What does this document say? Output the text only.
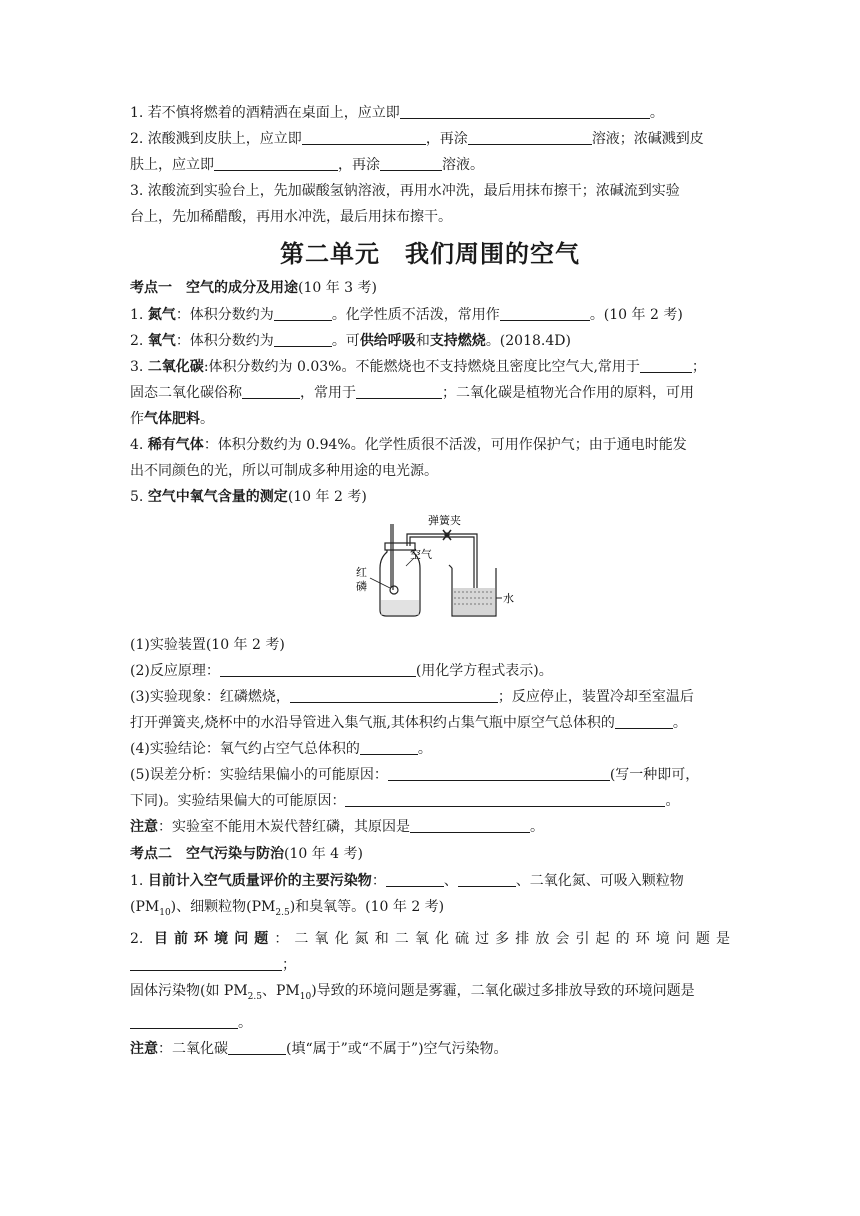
1. 若不慎将燃着的酒精洒在桌面上，应立即	。
2. 浓酸溅到皮肤上，应立即	，再涂	溶液；浓碱溅到皮
肤上，应立即	，再涂	溶液。
3. 浓酸流到实验台上，先加碳酸氢钠溶液，再用水冲洗，最后用抹布擦干；浓碱流到实验
台上，先加稀醋酸，再用水冲洗，最后用抹布擦干。
第二单元　我们周围的空气
考点一　空气的成分及用途(10 年 3 考)
1. 氮气：体积分数约为	。化学性质不活泼，常用作	。(10 年 2 考)
2. 氧气：体积分数约为	。可供给呼吸和支持燃烧。(2018.4D)
3. 二氧化碳:体积分数约为 0.03%。不能燃烧也不支持燃烧且密度比空气大,常用于	；
固态二氧化碳俗称	，常用于	；二氧化碳是植物光合作用的原料，可用
作气体肥料。
4. 稀有气体：体积分数约为 0.94%。化学性质很不活泼，可用作保护气；由于通电时能发
出不同颜色的光，所以可制成多种用途的电光源。
5. 空气中氧气含量的测定(10 年 2 考)
弹簧夹
空气
红
磷
水
(1)实验装置(10 年 2 考)
(2)反应原理：	(用化学方程式表示)。
(3)实验现象：红磷燃烧，	；反应停止，装置冷却至室温后
打开弹簧夹,烧杯中的水沿导管进入集气瓶,其体积约占集气瓶中原空气总体积的	。
(4)实验结论：氧气约占空气总体积的	。
(5)误差分析：实验结果偏小的可能原因：	(写一种即可，
下同)。实验结果偏大的可能原因：	。
注意：实验室不能用木炭代替红磷，其原因是	。
考点二　空气污染与防治(10 年 4 考)
1. 目前计入空气质量评价的主要污染物：	、	、二氧化氮、可吸入颗粒物
$(PM_{10})$、细颗粒物$(PM_{2.5})$和臭氧等。(10 年 2 考)
2. 目前环境问题：二氧化氮和二氧化硫过多排放会引起的环境问题是
；
固体污染物(如 $PM_{2.5}$、$PM_{10}$)导致的环境问题是雾霾，二氧化碳过多排放导致的环境问题是
。
注意：二氧化碳	(填“属于”或“不属于”)空气污染物。
